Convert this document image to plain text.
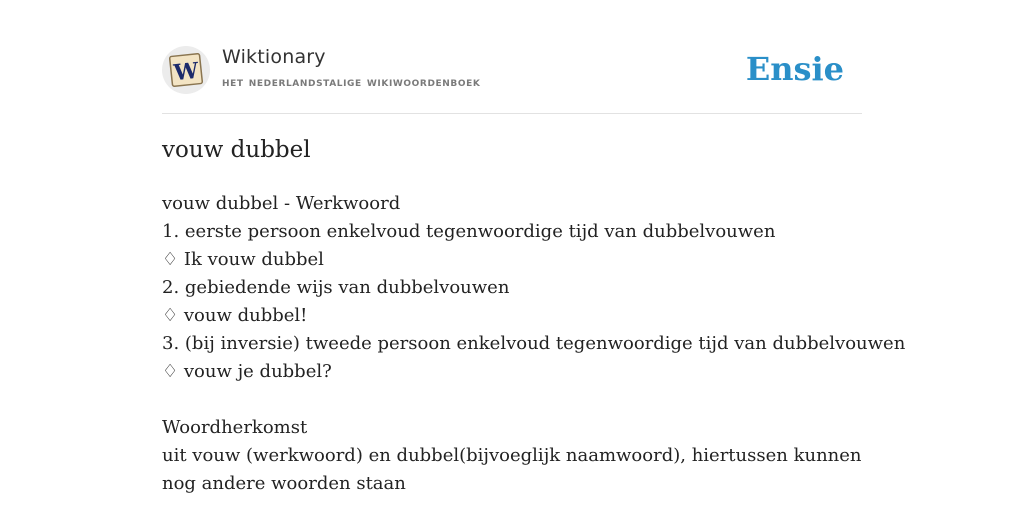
W
Wiktionary
het nederlandstalige wikiwoordenboek	Ensie
vouw dubbel
vouw dubbel - Werkwoord
1. eerste persoon enkelvoud tegenwoordige tijd van dubbelvouwen
♢ Ik vouw dubbel
2. gebiedende wijs van dubbelvouwen
♢ vouw dubbel!
3. (bij inversie) tweede persoon enkelvoud tegenwoordige tijd van dubbelvouwen
♢ vouw je dubbel?
Woordherkomst
uit vouw (werkwoord) en dubbel(bijvoeglijk naamwoord), hiertussen kunnen nog andere woorden staan
